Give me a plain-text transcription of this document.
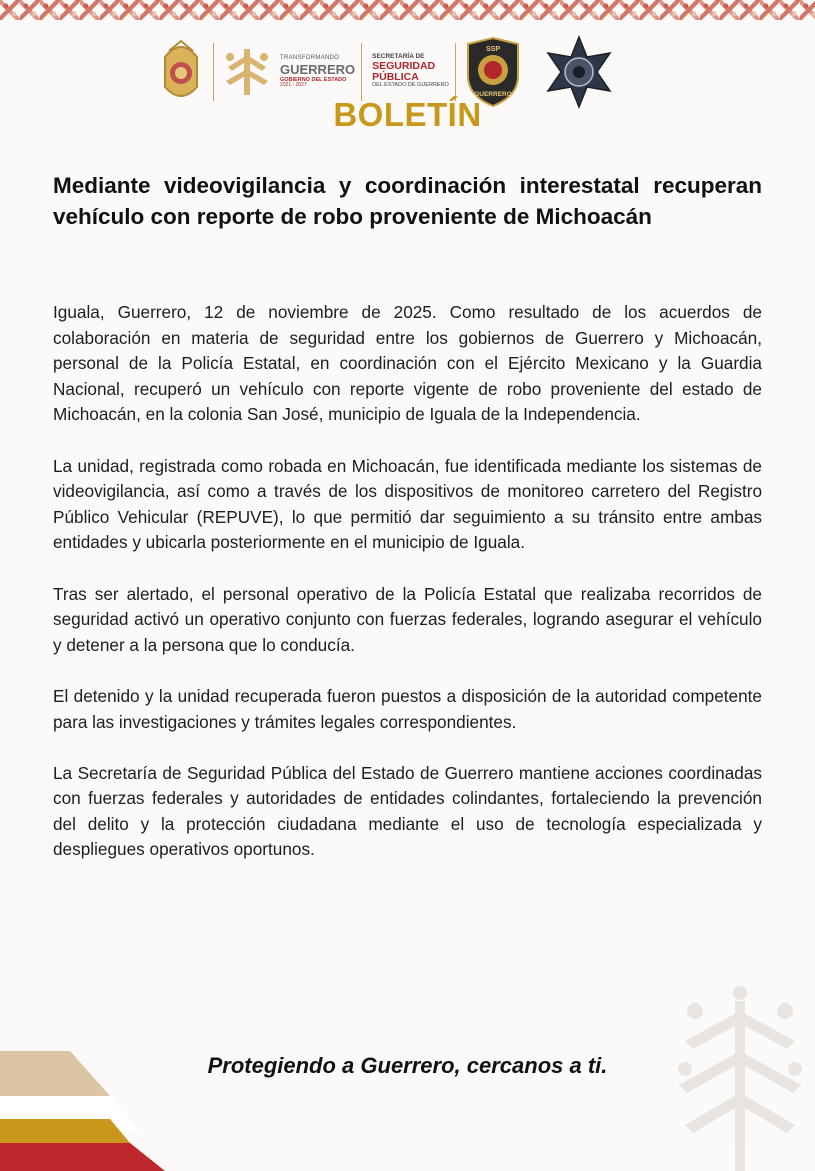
TRANSFORMANDO
GUERRERO
GOBIERNO DEL ESTADO
2021 - 2027
SECRETARÍA DE
SEGURIDAD
PÚBLICA
DEL ESTADO DE GUERRERO
SSP
GUERRERO
BOLETÍN
Mediante videovigilancia y coordinación interestatal recuperan vehículo con reporte de robo proveniente de Michoacán

Iguala, Guerrero, 12 de noviembre de 2025. Como resultado de los acuerdos de colaboración en materia de seguridad entre los gobiernos de Guerrero y Michoacán, personal de la Policía Estatal, en coordinación con el Ejército Mexicano y la Guardia Nacional, recuperó un vehículo con reporte vigente de robo proveniente del estado de Michoacán, en la colonia San José, municipio de Iguala de la Independencia.

La unidad, registrada como robada en Michoacán, fue identificada mediante los sistemas de videovigilancia, así como a través de los dispositivos de monitoreo carretero del Registro Público Vehicular (REPUVE), lo que permitió dar seguimiento a su tránsito entre ambas entidades y ubicarla posteriormente en el municipio de Iguala.

Tras ser alertado, el personal operativo de la Policía Estatal que realizaba recorridos de seguridad activó un operativo conjunto con fuerzas federales, logrando asegurar el vehículo y detener a la persona que lo conducía.

El detenido y la unidad recuperada fueron puestos a disposición de la autoridad competente para las investigaciones y trámites legales correspondientes.

La Secretaría de Seguridad Pública del Estado de Guerrero mantiene acciones coordinadas con fuerzas federales y autoridades de entidades colindantes, fortaleciendo la prevención del delito y la protección ciudadana mediante el uso de tecnología especializada y despliegues operativos oportunos.

Protegiendo a Guerrero, cercanos a ti.
